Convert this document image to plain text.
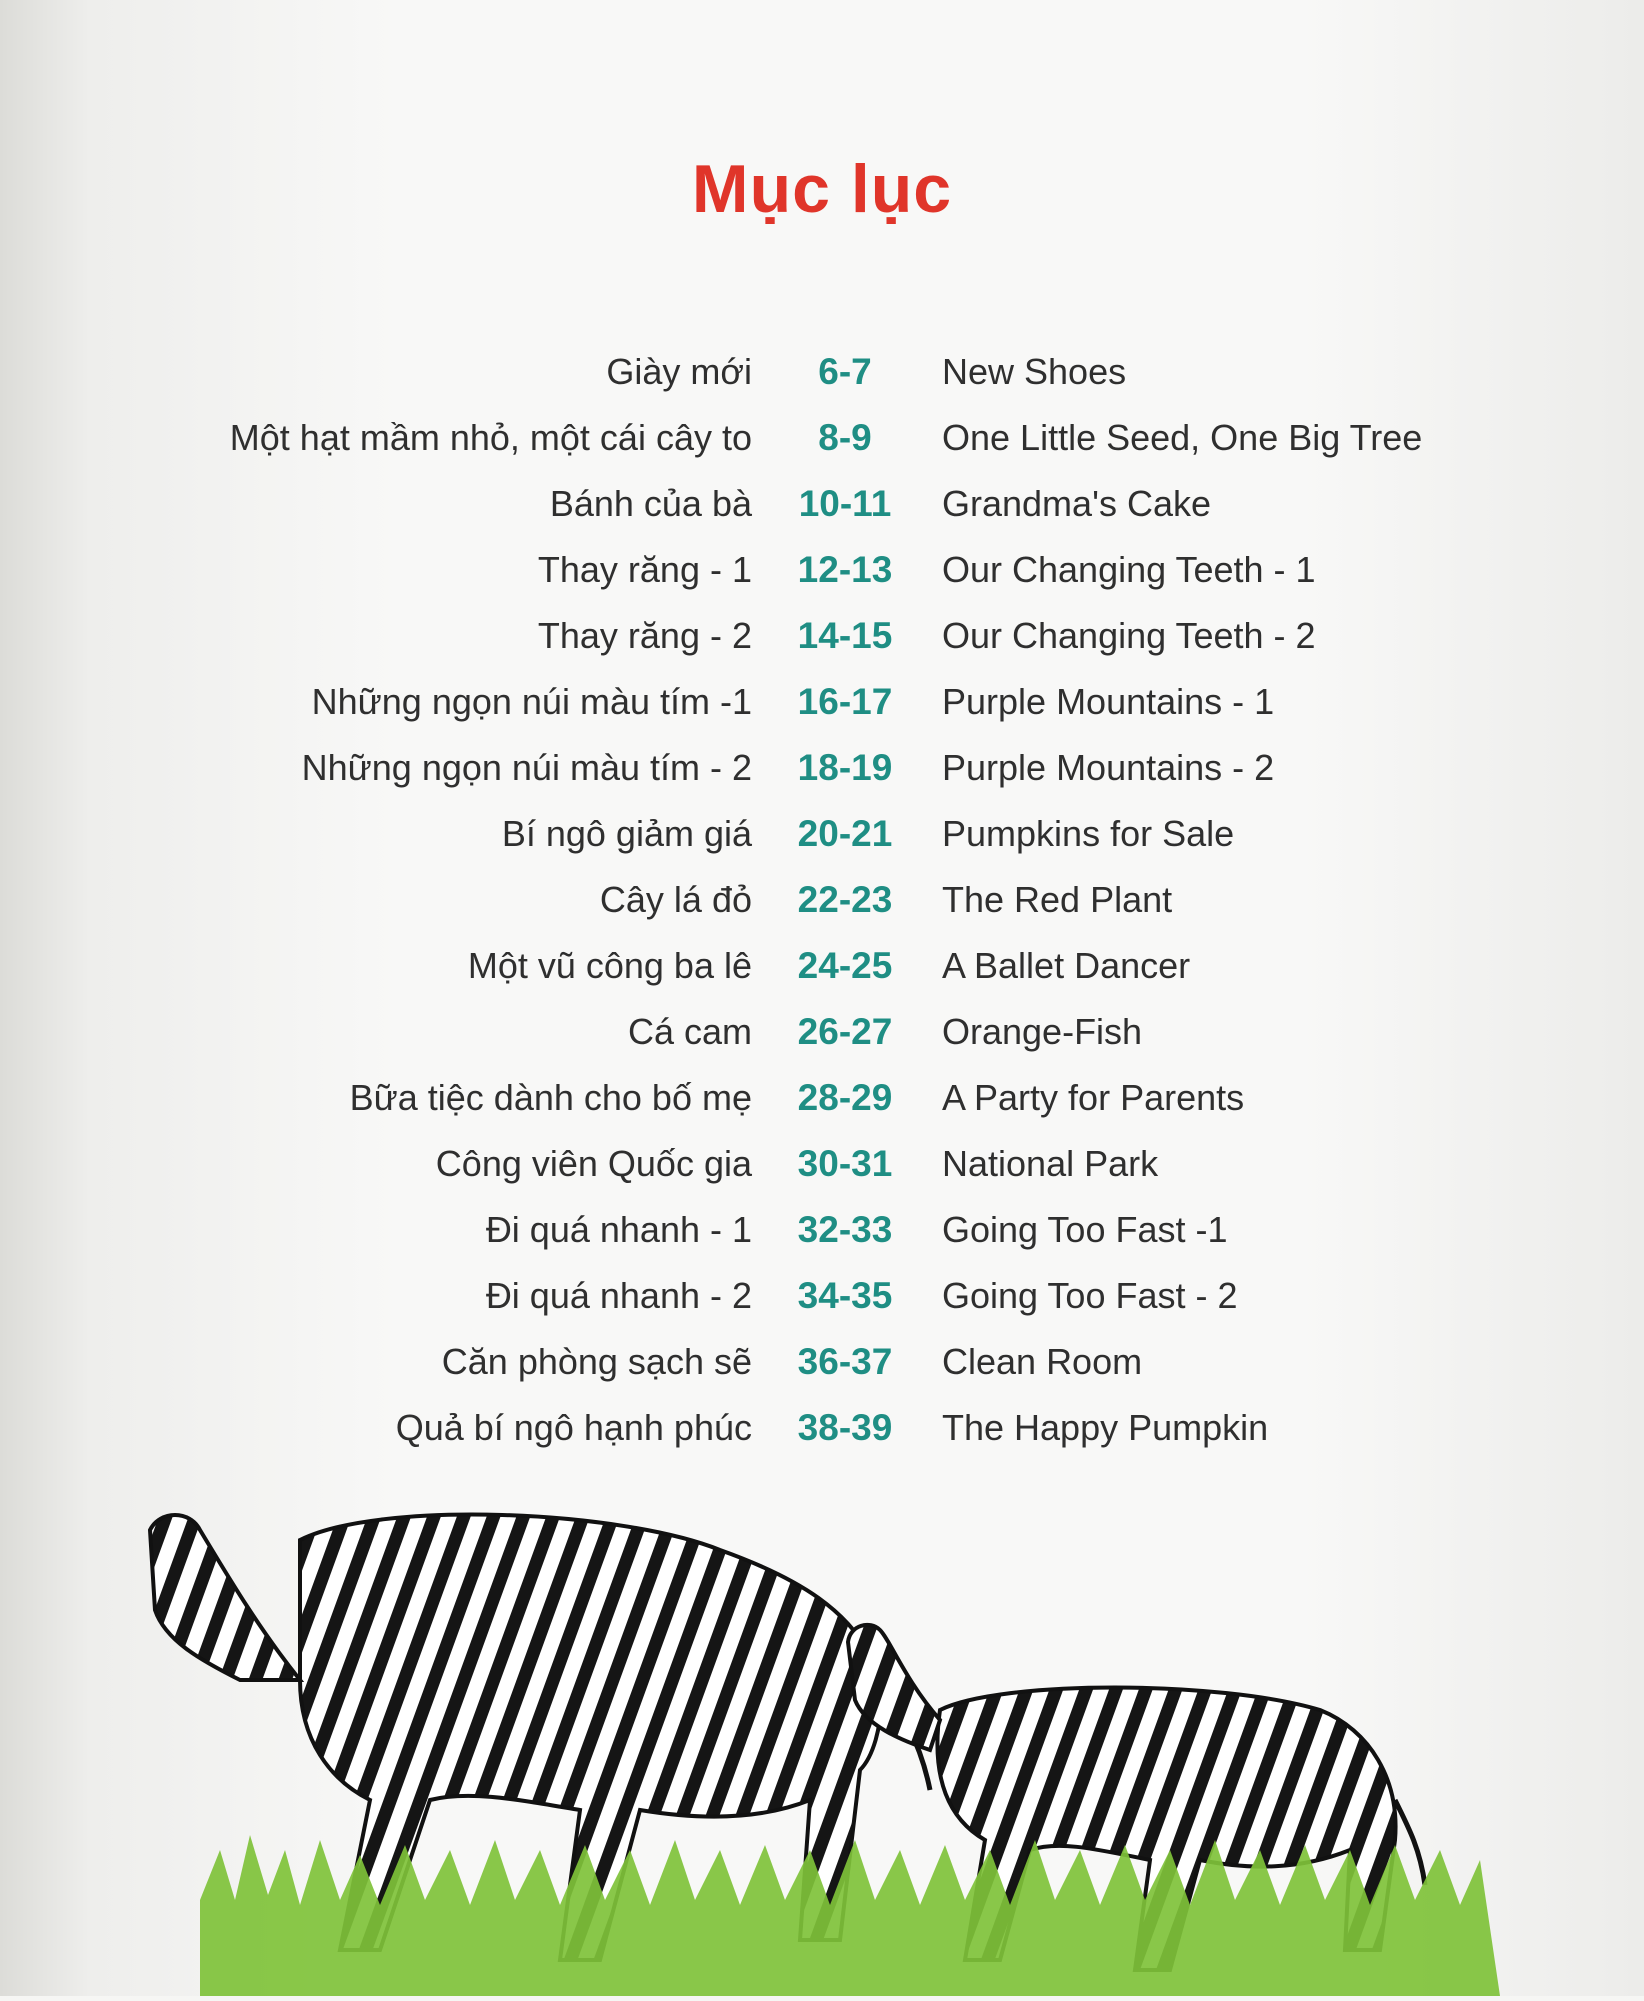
Mục lục
Giày mới	6-7	New Shoes
Một hạt mầm nhỏ, một cái cây to	8-9	One Little Seed, One Big Tree
Bánh của bà	10-11	Grandma's Cake
Thay răng - 1	12-13	Our Changing Teeth - 1
Thay răng - 2	14-15	Our Changing Teeth - 2
Những ngọn núi màu tím -1	16-17	Purple Mountains - 1
Những ngọn núi màu tím - 2	18-19	Purple Mountains - 2
Bí ngô giảm giá	20-21	Pumpkins for Sale
Cây lá đỏ	22-23	The Red Plant
Một vũ công ba lê	24-25	A Ballet Dancer
Cá cam	26-27	Orange-Fish
Bữa tiệc dành cho bố mẹ	28-29	A Party for Parents
Công viên Quốc gia	30-31	National Park
Đi quá nhanh - 1	32-33	Going Too Fast -1
Đi quá nhanh - 2	34-35	Going Too Fast - 2
Căn phòng sạch sẽ	36-37	Clean Room
Quả bí ngô hạnh phúc	38-39	The Happy Pumpkin
